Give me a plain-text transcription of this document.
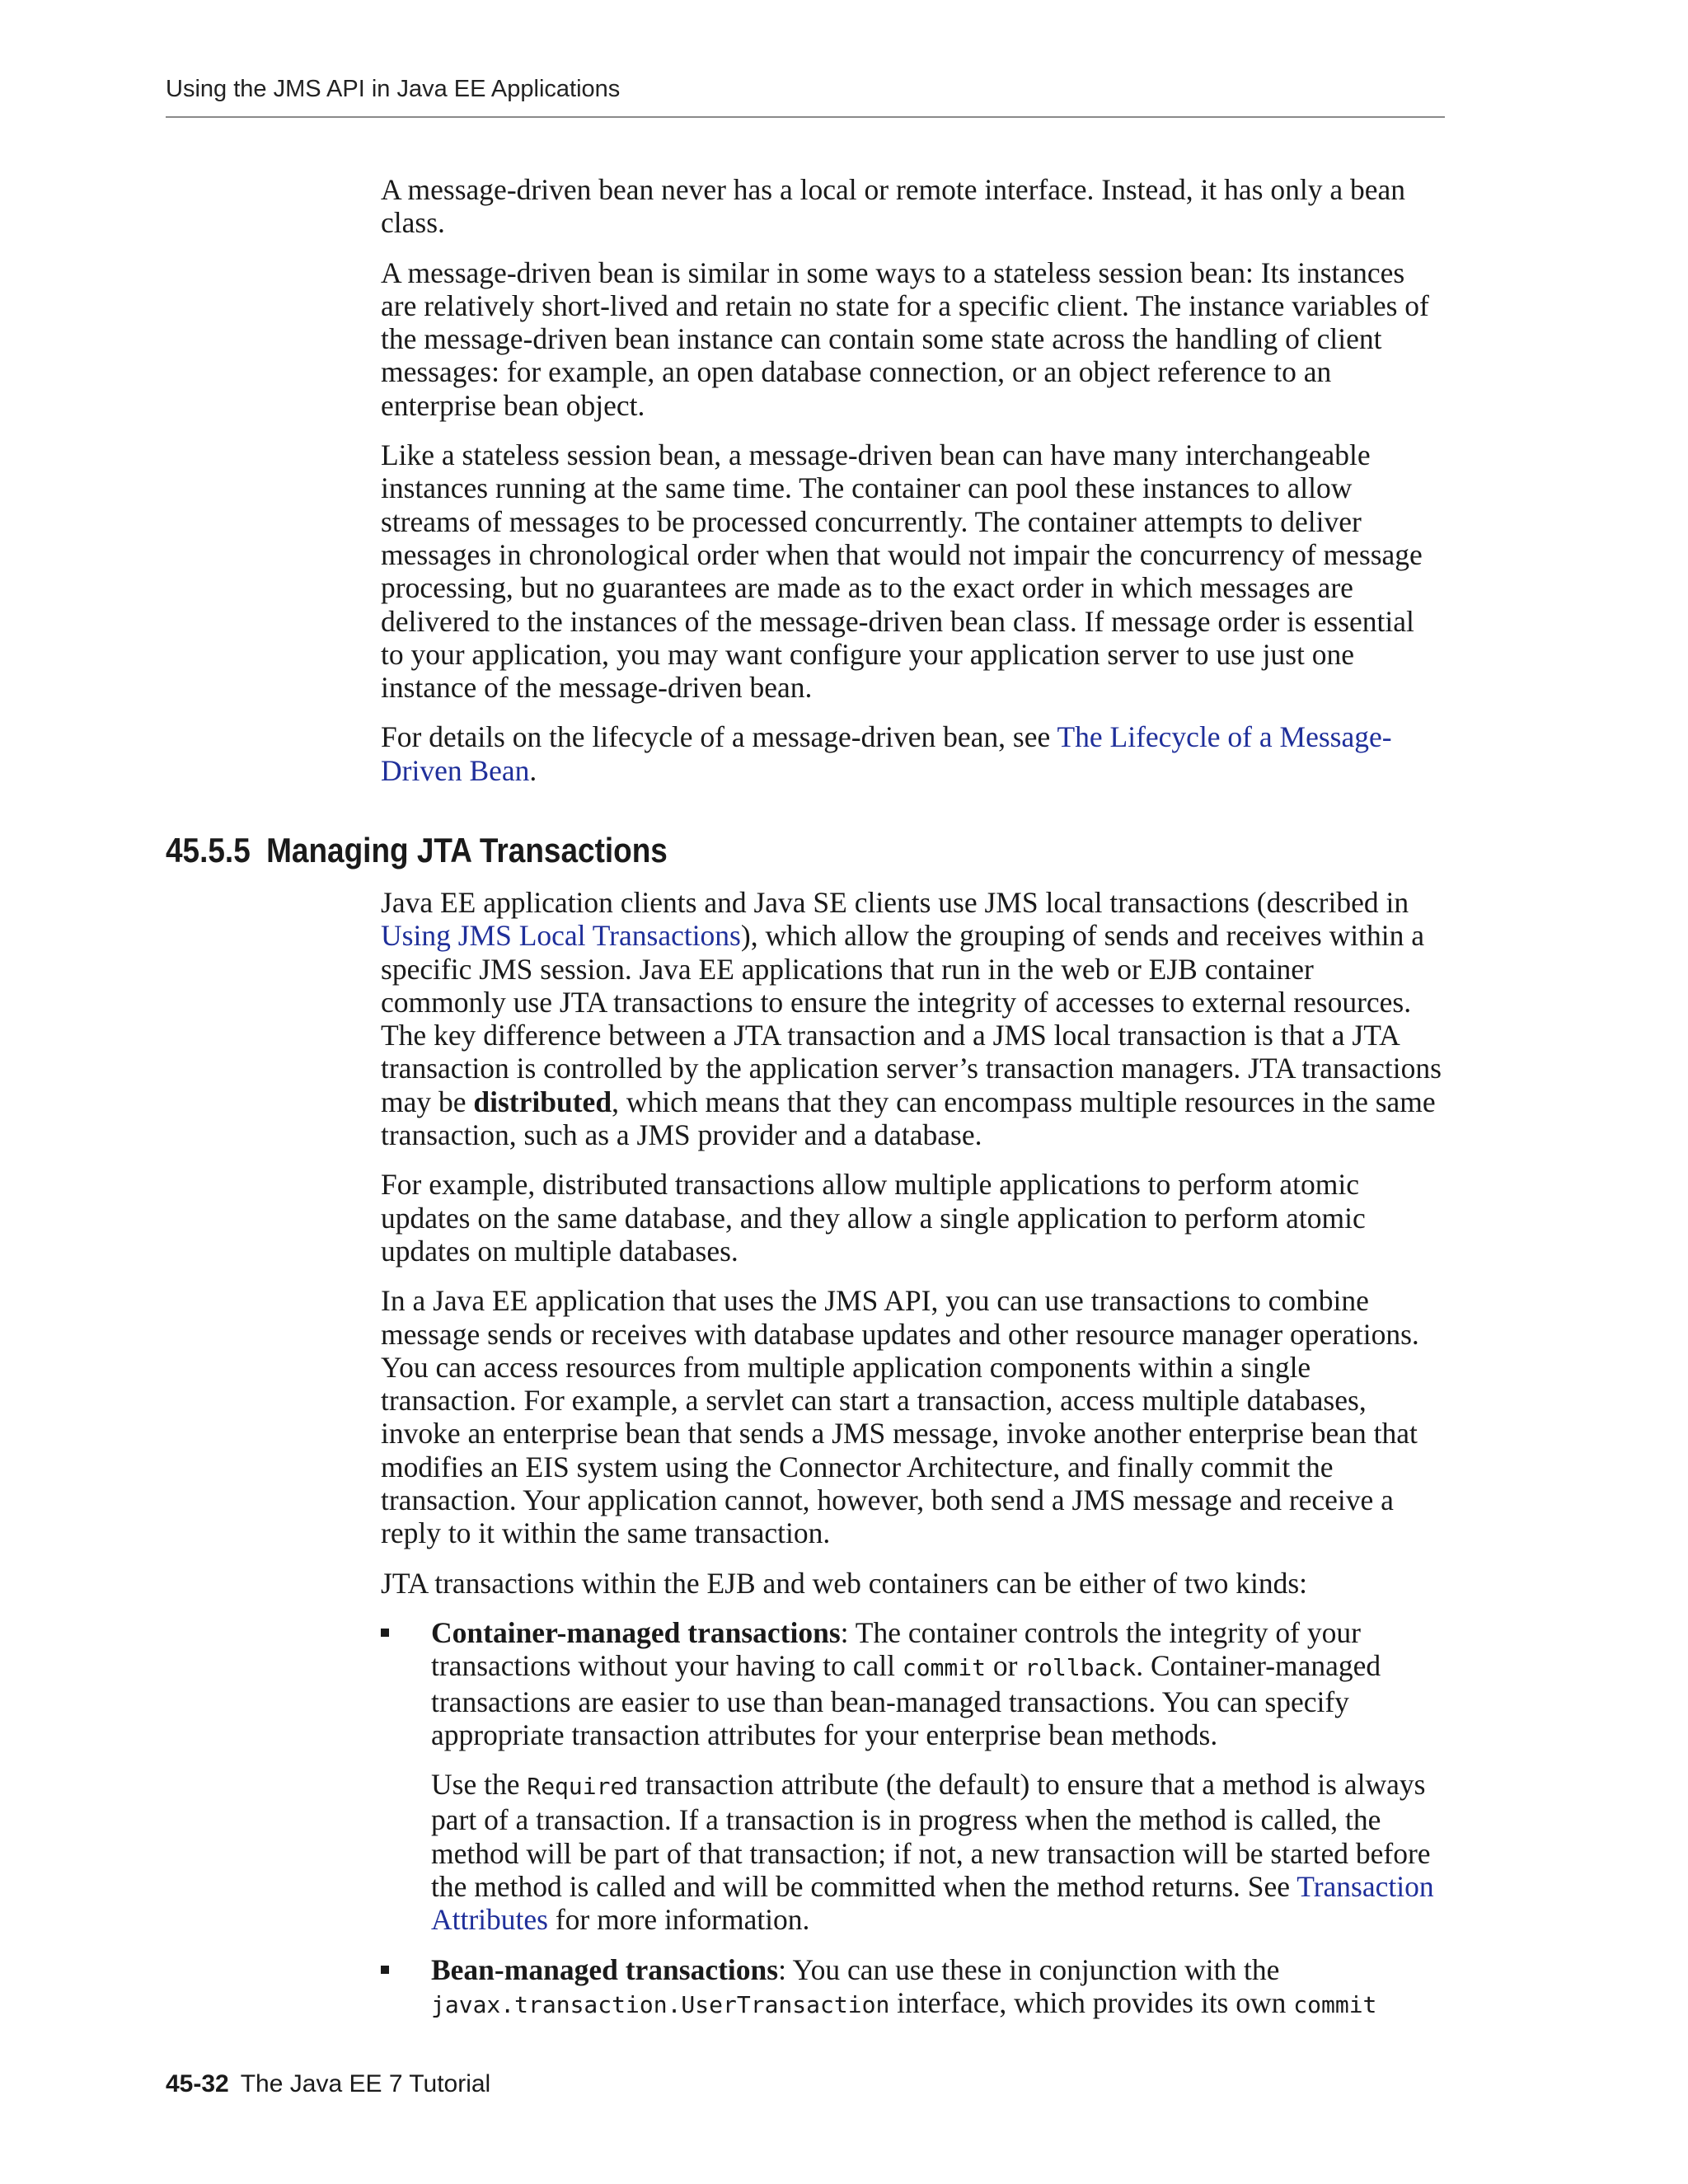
Using the JMS API in Java EE Applications

A message-driven bean never has a local or remote interface. Instead, it has only a bean class.

A message-driven bean is similar in some ways to a stateless session bean: Its instances are relatively short-lived and retain no state for a specific client. The instance variables of the message-driven bean instance can contain some state across the handling of client messages: for example, an open database connection, or an object reference to an enterprise bean object.

Like a stateless session bean, a message-driven bean can have many interchangeable instances running at the same time. The container can pool these instances to allow streams of messages to be processed concurrently. The container attempts to deliver messages in chronological order when that would not impair the concurrency of message processing, but no guarantees are made as to the exact order in which messages are delivered to the instances of the message-driven bean class. If message order is essential to your application, you may want configure your application server to use just one instance of the message-driven bean.

For details on the lifecycle of a message-driven bean, see The Lifecycle of a Message-Driven Bean.

45.5.5 Managing JTA Transactions

Java EE application clients and Java SE clients use JMS local transactions (described in Using JMS Local Transactions), which allow the grouping of sends and receives within a specific JMS session. Java EE applications that run in the web or EJB container commonly use JTA transactions to ensure the integrity of accesses to external resources. The key difference between a JTA transaction and a JMS local transaction is that a JTA transaction is controlled by the application server’s transaction managers. JTA transactions may be distributed, which means that they can encompass multiple resources in the same transaction, such as a JMS provider and a database.

For example, distributed transactions allow multiple applications to perform atomic updates on the same database, and they allow a single application to perform atomic updates on multiple databases.

In a Java EE application that uses the JMS API, you can use transactions to combine message sends or receives with database updates and other resource manager operations. You can access resources from multiple application components within a single transaction. For example, a servlet can start a transaction, access multiple databases, invoke an enterprise bean that sends a JMS message, invoke another enterprise bean that modifies an EIS system using the Connector Architecture, and finally commit the transaction. Your application cannot, however, both send a JMS message and receive a reply to it within the same transaction.

JTA transactions within the EJB and web containers can be either of two kinds:

Container-managed transactions: The container controls the integrity of your transactions without your having to call commit or rollback. Container-managed transactions are easier to use than bean-managed transactions. You can specify appropriate transaction attributes for your enterprise bean methods.

Use the Required transaction attribute (the default) to ensure that a method is always part of a transaction. If a transaction is in progress when the method is called, the method will be part of that transaction; if not, a new transaction will be started before the method is called and will be committed when the method returns. See Transaction Attributes for more information.

Bean-managed transactions: You can use these in conjunction with the javax.transaction.UserTransaction interface, which provides its own commit

45-32 The Java EE 7 Tutorial
